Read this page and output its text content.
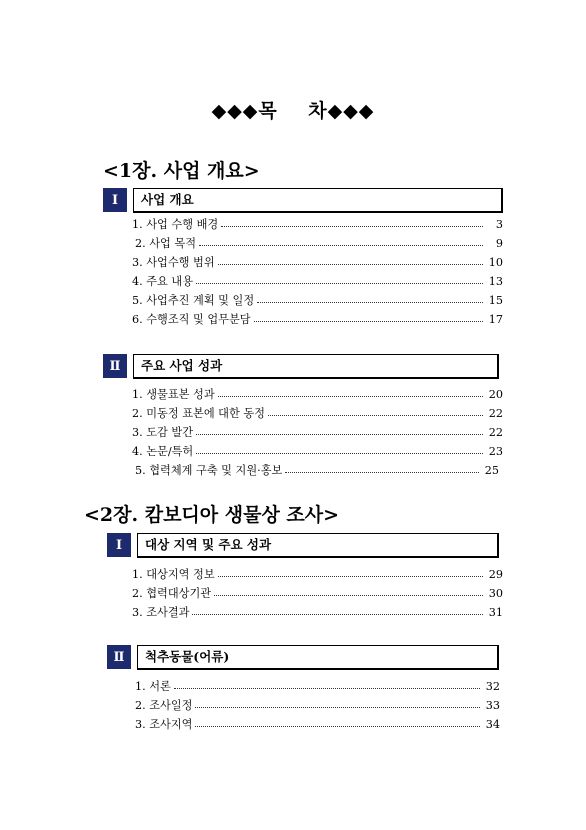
◆◆◆목    차◆◆◆
<1장. 사업 개요>
Ⅰ	사업 개요
1. 사업 수행 배경	3
2. 사업 목적	9
3. 사업수행 범위	10
4. 주요 내용	13
5. 사업추진 계획 및 일정	15
6. 수행조직 및 업무분담	17
Ⅱ	주요 사업 성과
1. 생물표본 성과	20
2. 미동정 표본에 대한 동정	22
3. 도감 발간	22
4. 논문/특허	23
5. 협력체계 구축 및 지원·홍보	25
<2장. 캄보디아 생물상 조사>
Ⅰ	대상 지역 및 주요 성과
1. 대상지역 정보	29
2. 협력대상기관	30
3. 조사결과	31
Ⅱ	척추동물(어류)
1. 서론	32
2. 조사일정	33
3. 조사지역	34
